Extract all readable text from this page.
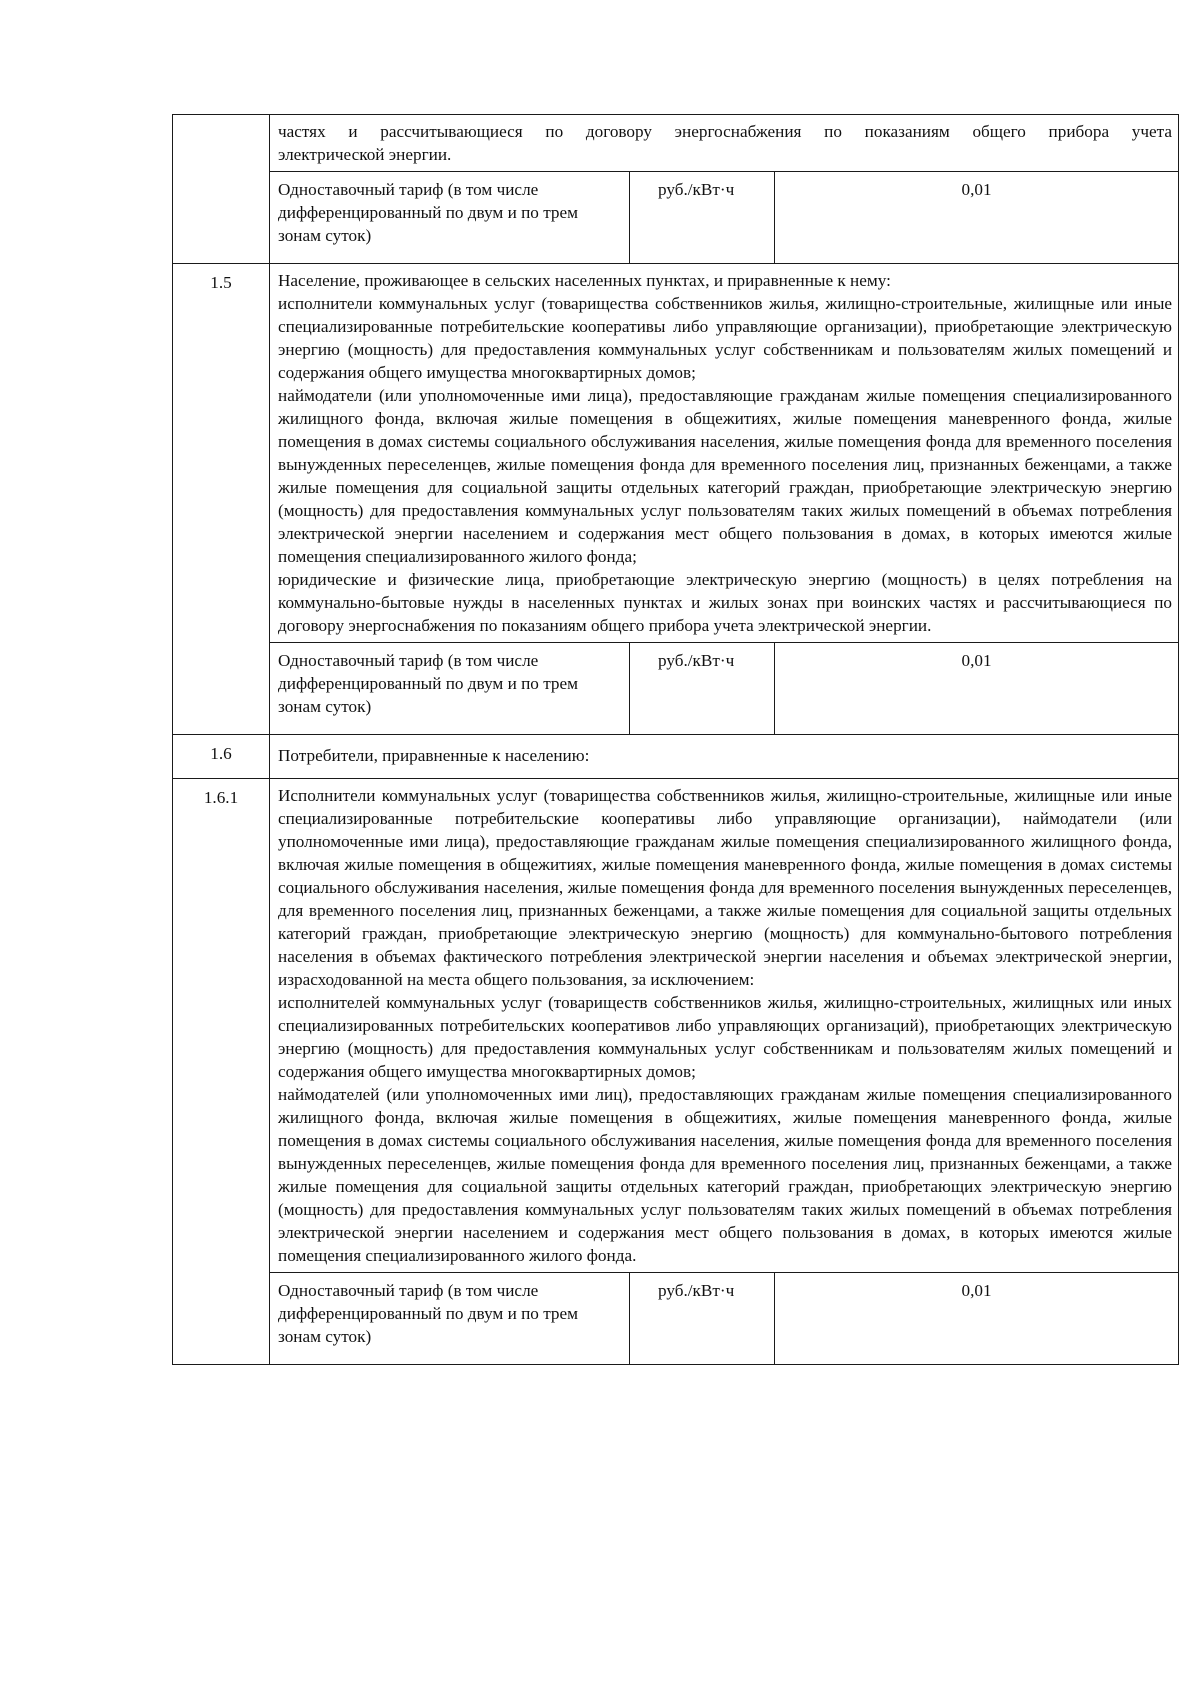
	частях и рассчитывающиеся по договору энергоснабжения по показаниям общего прибора учета

электрической энергии.		

	Одноставочный тариф (в том числе дифференцированный по двум и по трем зонам суток)	руб./кВт·ч	0,01
1.5	Население, проживающее в сельских населенных пунктах, и приравненные к нему:

исполнители коммунальных услуг (товарищества собственников жилья, жилищно-строительные, жилищные или иные специализированные потребительские кооперативы либо управляющие организации), приобретающие электрическую энергию (мощность) для предоставления коммунальных услуг собственникам и пользователям жилых помещений и содержания общего имущества многоквартирных домов;

наймодатели (или уполномоченные ими лица), предоставляющие гражданам жилые помещения специализированного жилищного фонда, включая жилые помещения в общежитиях, жилые помещения маневренного фонда, жилые помещения в домах системы социального обслуживания населения, жилые помещения фонда для временного поселения вынужденных переселенцев, жилые помещения фонда для временного поселения лиц, признанных беженцами, а также жилые помещения для социальной защиты отдельных категорий граждан, приобретающие электрическую энергию (мощность) для предоставления коммунальных услуг пользователям таких жилых помещений в объемах потребления электрической энергии населением и содержания мест общего пользования в домах, в которых имеются жилые помещения специализированного жилого фонда;

юридические и физические лица, приобретающие электрическую энергию (мощность) в целях потребления на коммунально-бытовые нужды в населенных пунктах и жилых зонах при воинских частях и рассчитывающиеся по договору энергоснабжения по показаниям общего прибора учета электрической энергии.		

	Одноставочный тариф (в том числе дифференцированный по двум и по трем зонам суток)	руб./кВт·ч	0,01
1.6	Потребители, приравненные к населению:		
1.6.1	Исполнители коммунальных услуг (товарищества собственников жилья, жилищно-строительные, жилищные или иные специализированные потребительские кооперативы либо управляющие организации), наймодатели (или уполномоченные ими лица), предоставляющие гражданам жилые помещения специализированного жилищного фонда, включая жилые помещения в общежитиях, жилые помещения маневренного фонда, жилые помещения в домах системы социального обслуживания населения, жилые помещения фонда для временного поселения вынужденных переселенцев, для временного поселения лиц, признанных беженцами, а также жилые помещения для социальной защиты отдельных категорий граждан, приобретающие электрическую энергию (мощность) для коммунально-бытового потребления населения в объемах фактического потребления электрической энергии населения и объемах электрической энергии, израсходованной на места общего пользования, за исключением:

исполнителей коммунальных услуг (товариществ собственников жилья, жилищно-строительных, жилищных или иных специализированных потребительских кооперативов либо управляющих организаций), приобретающих электрическую энергию (мощность) для предоставления коммунальных услуг собственникам и пользователям жилых помещений и содержания общего имущества многоквартирных домов;

наймодателей (или уполномоченных ими лиц), предоставляющих гражданам жилые помещения специализированного жилищного фонда, включая жилые помещения в общежитиях, жилые помещения маневренного фонда, жилые помещения в домах системы социального обслуживания населения, жилые помещения фонда для временного поселения вынужденных переселенцев, жилые помещения фонда для временного поселения лиц, признанных беженцами, а также жилые помещения для социальной защиты отдельных категорий граждан, приобретающих электрическую энергию (мощность) для предоставления коммунальных услуг пользователям таких жилых помещений в объемах потребления электрической энергии населением и содержания мест общего пользования в домах, в которых имеются жилые помещения специализированного жилого фонда.		

	Одноставочный тариф (в том числе дифференцированный по двум и по трем зонам суток)	руб./кВт·ч	0,01
